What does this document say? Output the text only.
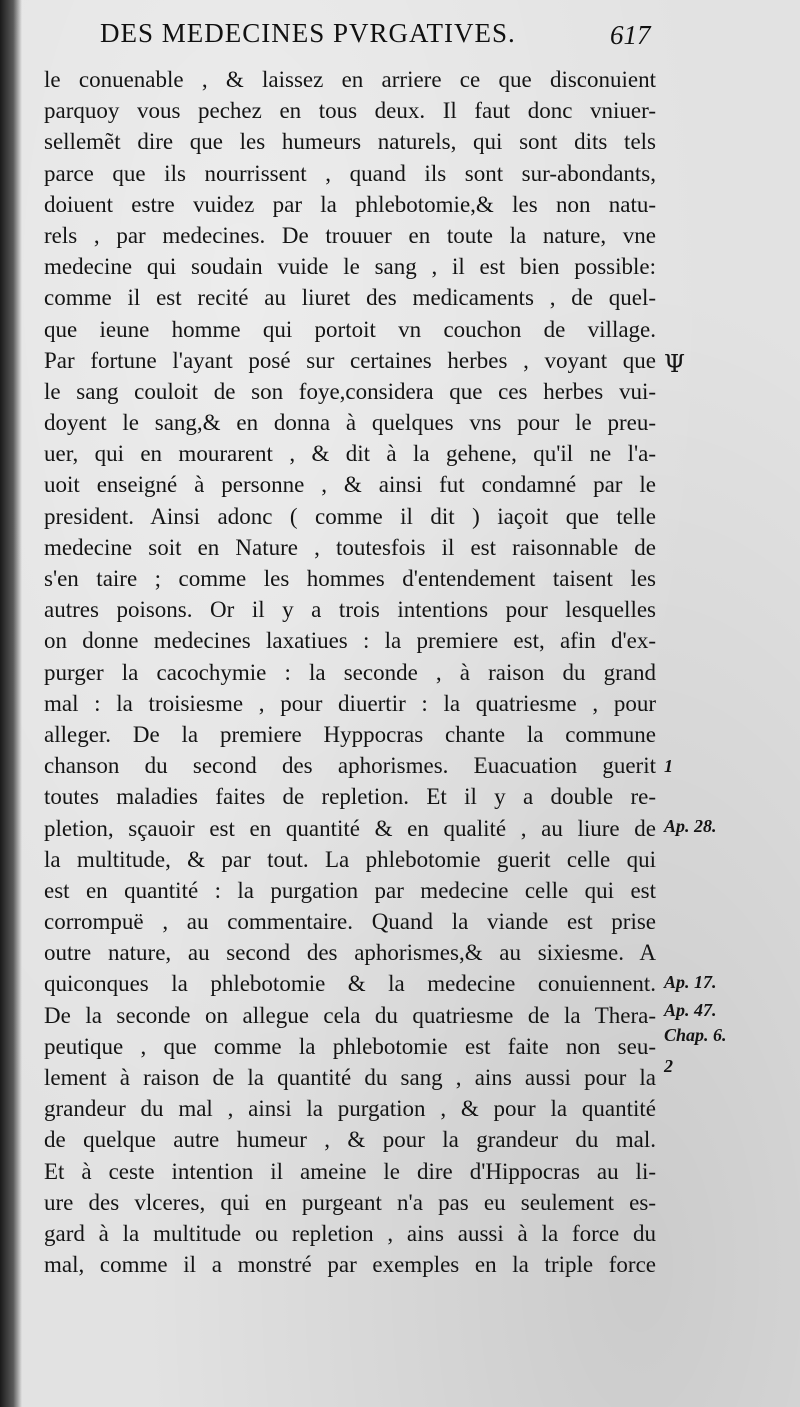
DES MEDECINES PVRGATIVES.	617
le conuenable , & laissez en arriere ce que disconuient
parquoy vous pechez en tous deux. Il faut donc vniuer-
sellemẽt dire que les humeurs naturels, qui sont dits tels
parce que ils nourrissent , quand ils sont sur-abondants,
doiuent estre vuidez par la phlebotomie,& les non natu-
rels , par medecines. De trouuer en toute la nature, vne
medecine qui soudain vuide le sang , il est bien possible:
comme il est recité au liuret des medicaments , de quel-
que ieune homme qui portoit vn couchon de village.
Par fortune l'ayant posé sur certaines herbes , voyant que
le sang couloit de son foye,considera que ces herbes vui-
doyent le sang,& en donna à quelques vns pour le preu-
uer, qui en mourarent , & dit à la gehene, qu'il ne l'a-
uoit enseigné à personne , & ainsi fut condamné par le
president. Ainsi adonc ( comme il dit ) iaçoit que telle
medecine soit en Nature , toutesfois il est raisonnable de
s'en taire ; comme les hommes d'entendement taisent les
autres poisons. Or il y a trois intentions pour lesquelles
on donne medecines laxatiues : la premiere est, afin d'ex-
purger la cacochymie : la seconde , à raison du grand
mal : la troisiesme , pour diuertir : la quatriesme , pour
alleger. De la premiere Hyppocras chante la commune
chanson du second des aphorismes. Euacuation guerit
toutes maladies faites de repletion. Et il y a double re-
pletion, sçauoir est en quantité & en qualité , au liure de
la multitude, & par tout. La phlebotomie guerit celle qui
est en quantité : la purgation par medecine celle qui est
corrompuë , au commentaire. Quand la viande est prise
outre nature, au second des aphorismes,& au sixiesme. A
quiconques la phlebotomie & la medecine conuiennent.
De la seconde on allegue cela du quatriesme de la Thera-
peutique , que comme la phlebotomie est faite non seu-
lement à raison de la quantité du sang , ains aussi pour la
grandeur du mal , ainsi la purgation , & pour la quantité
de quelque autre humeur , & pour la grandeur du mal.
Et à ceste intention il ameine le dire d'Hippocras au li-
ure des vlceres, qui en purgeant n'a pas eu seulement es-
gard à la multitude ou repletion , ains aussi à la force du
mal, comme il a monstré par exemples en la triple force
Ψ
1
Ap. 28.
Ap. 17.
Ap. 47.
Chap. 6.
2
